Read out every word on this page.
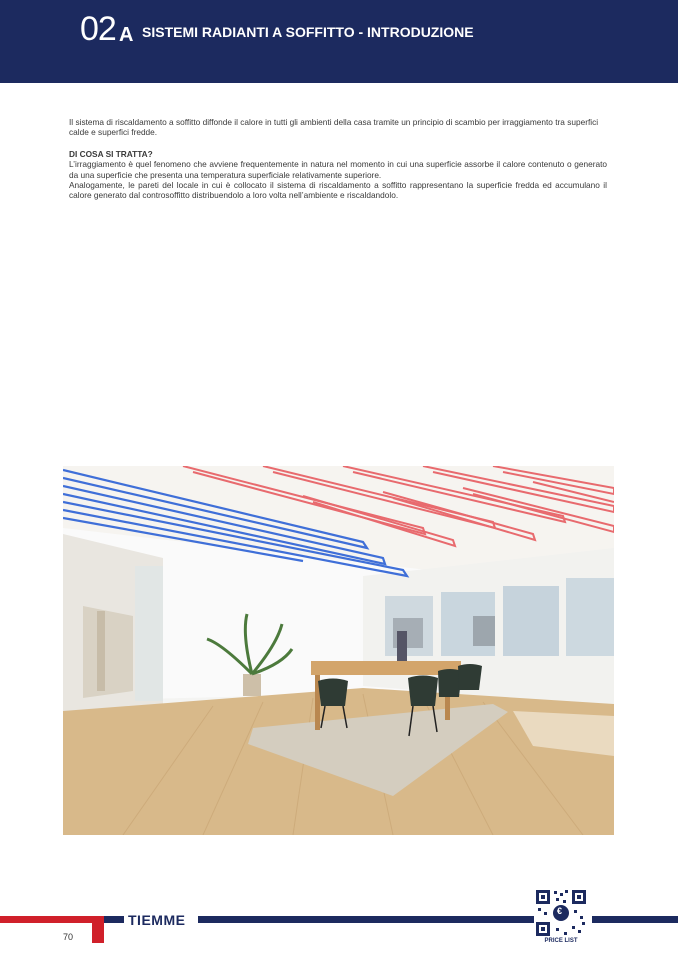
02 A SISTEMI RADIANTI A SOFFITTO - INTRODUZIONE

Il sistema di riscaldamento a soffitto diffonde il calore in tutti gli ambienti della casa tramite un principio di scambio per irraggiamento tra superfici calde e superfici fredde.

DI COSA SI TRATTA?

L’irraggiamento è quel fenomeno che avviene frequentemente in natura nel momento in cui una superficie assorbe il calore contenuto o generato da una superficie che presenta una temperatura superficiale relativamente superiore.

Analogamente, le pareti del locale in cui è collocato il sistema di riscaldamento a soffitto rappresentano la superficie fredda ed accumulano il calore generato dal controsoffitto distribuendolo a loro volta nell’ambiente e riscaldandolo.

70
TIEMME
€
PRICE LIST
